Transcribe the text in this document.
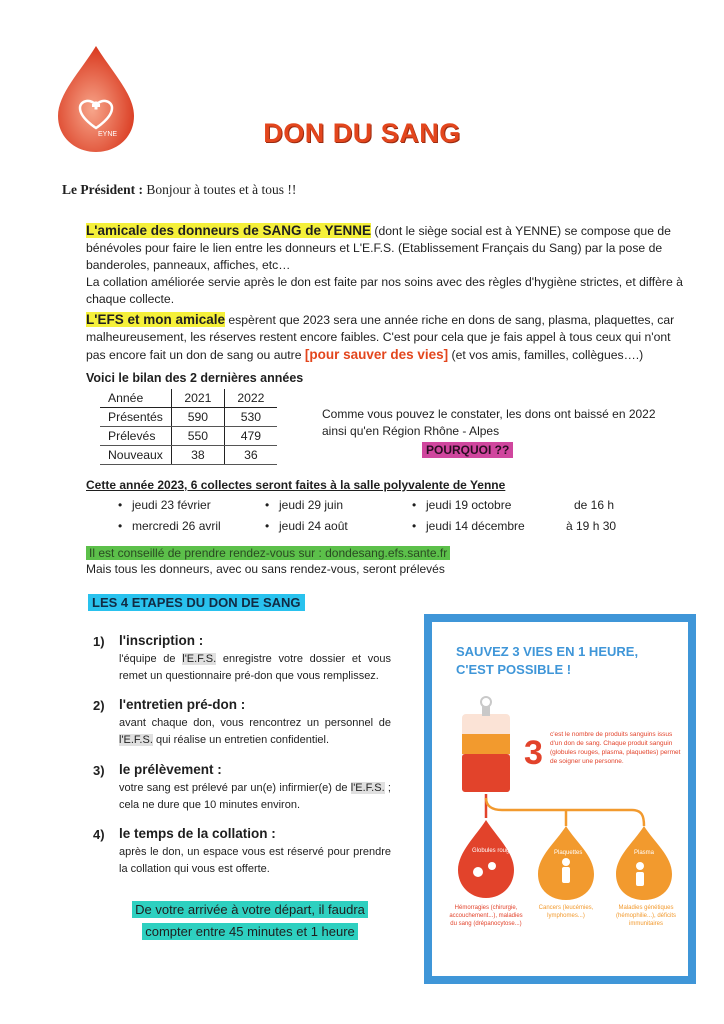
EYNE	DON DU SANG
Le Président : Bonjour à toutes et à tous !!
L'amicale des donneurs de SANG de YENNE (dont le siège social est à YENNE) se compose que de bénévoles pour faire le lien entre les donneurs et L'E.F.S. (Etablissement Français du Sang) par la pose de banderoles, panneaux, affiches, etc…
La collation améliorée servie après le don est faite par nos soins avec des règles d'hygiène strictes, et diffère à chaque collecte.
L'EFS et mon amicale espèrent que 2023 sera une année riche en dons de sang, plasma, plaquettes, car malheureusement, les réserves restent encore faibles. C'est pour cela que je fais appel à tous ceux qui n'ont pas encore fait un don de sang ou autre [pour sauver des vies] (et vos amis, familles, collègues….)
Voici le bilan des 2 dernières années
Année	2021	2022
Présentés	590	530
Prélevés	550	479
Nouveaux	38	36
Comme vous pouvez le constater, les dons ont baissé en 2022
ainsi qu'en Région Rhône - Alpes
POURQUOI ??
Cette année 2023, 6 collectes seront faites à la salle polyvalente de Yenne
• jeudi 23 février
• mercredi 26 avril
• jeudi 29 juin
• jeudi 24 août
• jeudi 19 octobre
• jeudi 14 décembre
de 16 h
à 19 h 30
Il est conseillé de prendre rendez-vous sur : dondesang.efs.sante.fr
Mais tous les donneurs, avec ou sans rendez-vous, seront prélevés
LES 4 ETAPES DU DON DE SANG
1) l'inscription :
l'équipe de l'E.F.S. enregistre votre dossier et vous remet un questionnaire pré-don que vous remplissez.
2) l'entretien pré-don :
avant chaque don, vous rencontrez un personnel de l'E.F.S. qui réalise un entretien confidentiel.
3) le prélèvement :
votre sang est prélevé par un(e) infirmier(e) de l'E.F.S. ; cela ne dure que 10 minutes environ.
4) le temps de la collation :
après le don, un espace vous est réservé pour prendre la collation qui vous est offerte.
De votre arrivée à votre départ, il faudra
compter entre 45 minutes et 1 heure
SAUVEZ 3 VIES EN 1 HEURE,
C'EST POSSIBLE !
3 c'est le nombre de produits sanguins issus d'un don de sang. Chaque produit sanguin (globules rouges, plasma, plaquettes) permet de soigner une personne.
Globules rouges	Plaquettes	Plasma
Hémorragies (chirurgie, accouchement...), maladies du sang (drépanocytose...)
Cancers (leucémies, lymphomes...)
Maladies génétiques (hémophilie...), déficits immunitaires
